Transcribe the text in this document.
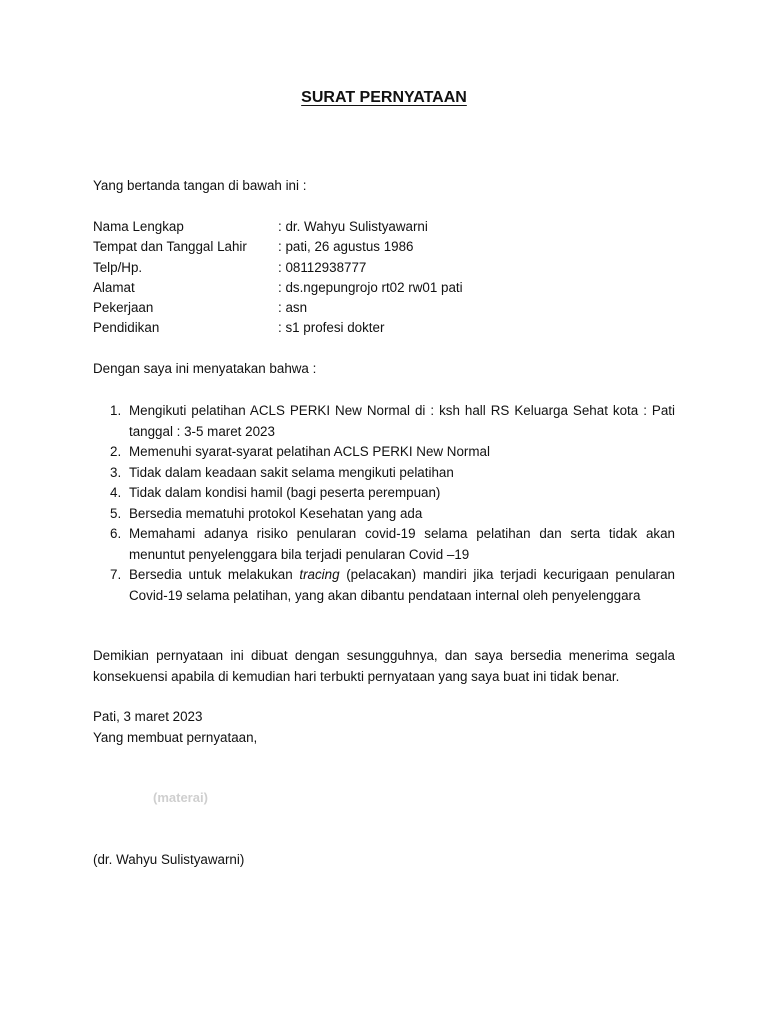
SURAT PERNYATAAN
Yang bertanda tangan di bawah ini :
Nama Lengkap	: dr. Wahyu Sulistyawarni
Tempat dan Tanggal Lahir : pati, 26 agustus 1986
Telp/Hp.	: 08112938777
Alamat	: ds.ngepungrojo rt02 rw01 pati
Pekerjaan	: asn
Pendidikan	: s1 profesi dokter
Dengan saya ini menyatakan bahwa :
1. Mengikuti pelatihan ACLS PERKI New Normal di : ksh hall RS Keluarga Sehat kota : Pati tanggal : 3-5 maret 2023
2. Memenuhi syarat-syarat pelatihan ACLS PERKI New Normal
3. Tidak dalam keadaan sakit selama mengikuti pelatihan
4. Tidak dalam kondisi hamil (bagi peserta perempuan)
5. Bersedia mematuhi protokol Kesehatan yang ada
6. Memahami adanya risiko penularan covid-19 selama pelatihan dan serta tidak akan menuntut penyelenggara bila terjadi penularan Covid –19
7. Bersedia untuk melakukan tracing (pelacakan) mandiri jika terjadi kecurigaan penularan Covid-19 selama pelatihan, yang akan dibantu pendataan internal oleh penyelenggara
Demikian pernyataan ini dibuat dengan sesungguhnya, dan saya bersedia menerima segala konsekuensi apabila di kemudian hari terbukti pernyataan yang saya buat ini tidak benar.
Pati, 3 maret 2023
Yang membuat pernyataan,
(materai)
(dr. Wahyu Sulistyawarni)
